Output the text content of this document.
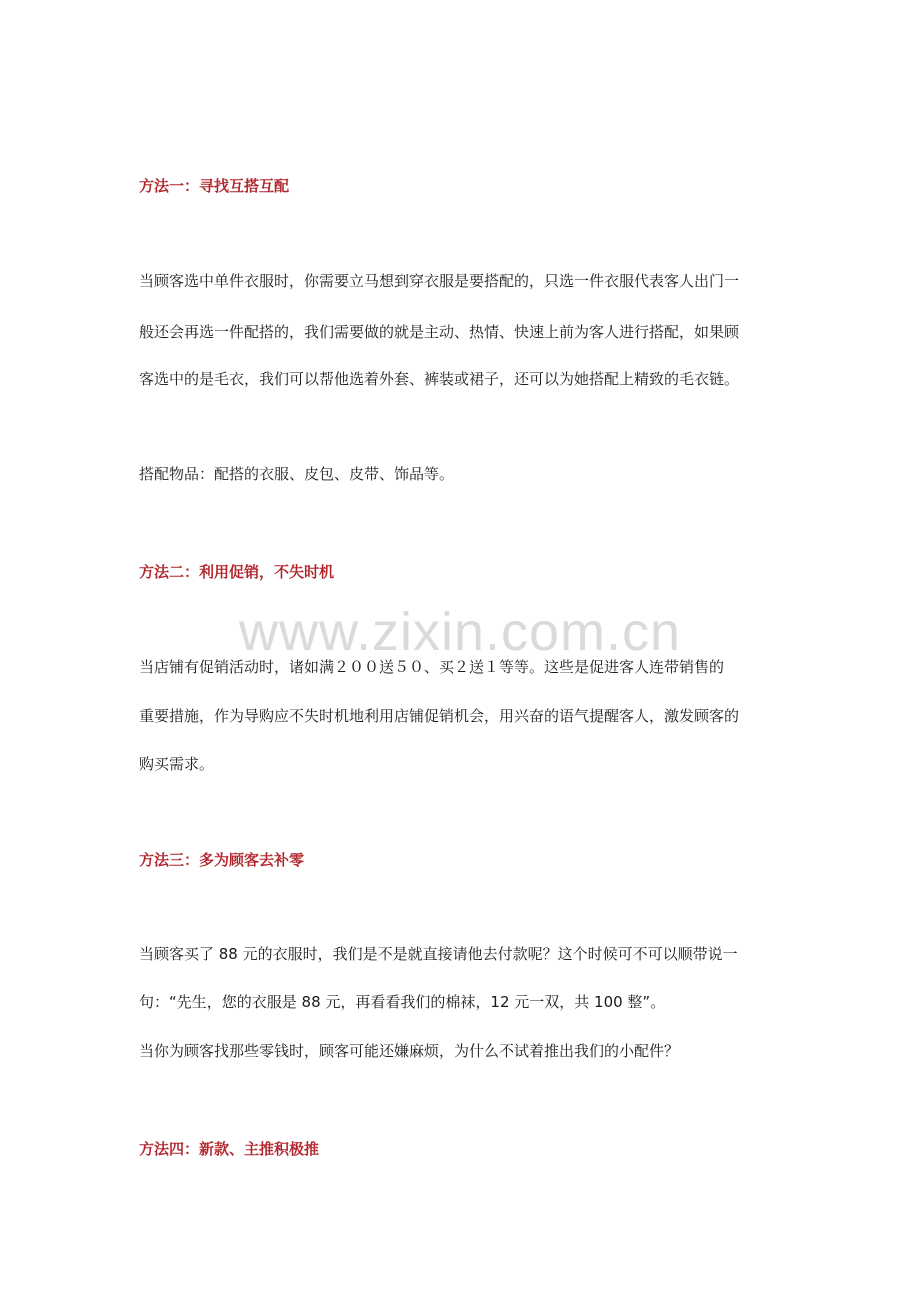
方法一：寻找互搭互配
当顾客选中单件衣服时，你需要立马想到穿衣服是要搭配的，只选一件衣服代表客人出门一
般还会再选一件配搭的，我们需要做的就是主动、热情、快速上前为客人进行搭配，如果顾
客选中的是毛衣，我们可以帮他选着外套、裤装或裙子，还可以为她搭配上精致的毛衣链。
搭配物品：配搭的衣服、皮包、皮带、饰品等。
方法二：利用促销，不失时机
当店铺有促销活动时，诸如满２００送５０、买２送１等等。这些是促进客人连带销售的
重要措施，作为导购应不失时机地利用店铺促销机会，用兴奋的语气提醒客人，激发顾客的
购买需求。
方法三：多为顾客去补零
当顾客买了 88 元的衣服时，我们是不是就直接请他去付款呢？这个时候可不可以顺带说一
句：“先生，您的衣服是 88 元，再看看我们的棉袜，12 元一双，共 100 整”。
当你为顾客找那些零钱时，顾客可能还嫌麻烦，为什么不试着推出我们的小配件？
方法四：新款、主推积极推
www.zixin.com.cn
